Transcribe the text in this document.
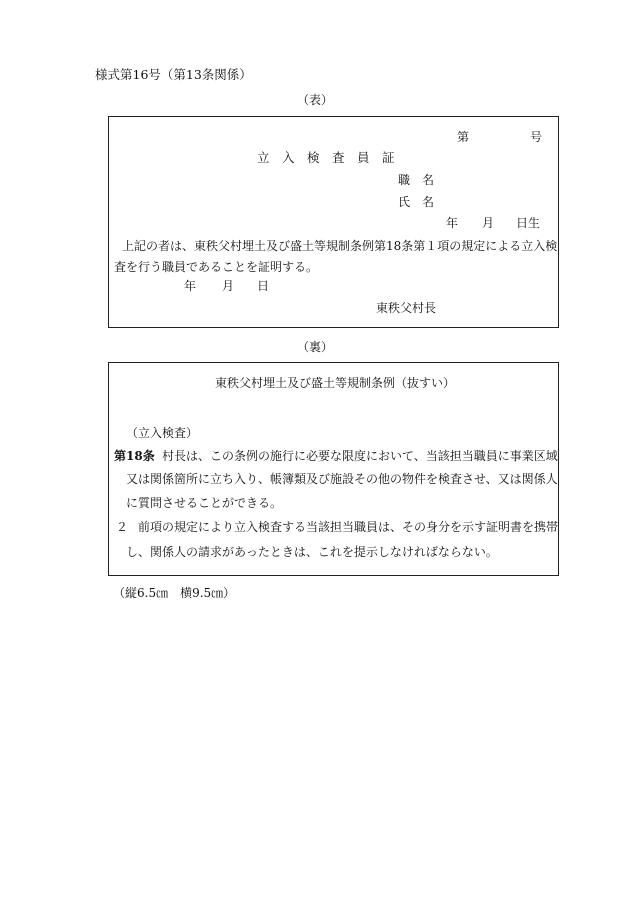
様式第16号（第13条関係）
（表）
第	号
立　入　検　査　員　証
職　名
氏　名
年 月 日生
上記の者は、東秩父村埋土及び盛土等規制条例第18条第１項の規定による立入検
査を行う職員であることを証明する。
年 月 日
東秩父村長
（裏）
東秩父村埋土及び盛土等規制条例（抜すい）
（立入検査）
第18条 村長は、この条例の施行に必要な限度において、当該担当職員に事業区域
又は関係箇所に立ち入り、帳簿類及び施設その他の物件を検査させ、又は関係人
に質問させることができる。
２ 前項の規定により立入検査する当該担当職員は、その身分を示す証明書を携帯
し、関係人の請求があったときは、これを提示しなければならない。
（縦6.5㎝　横9.5㎝）
